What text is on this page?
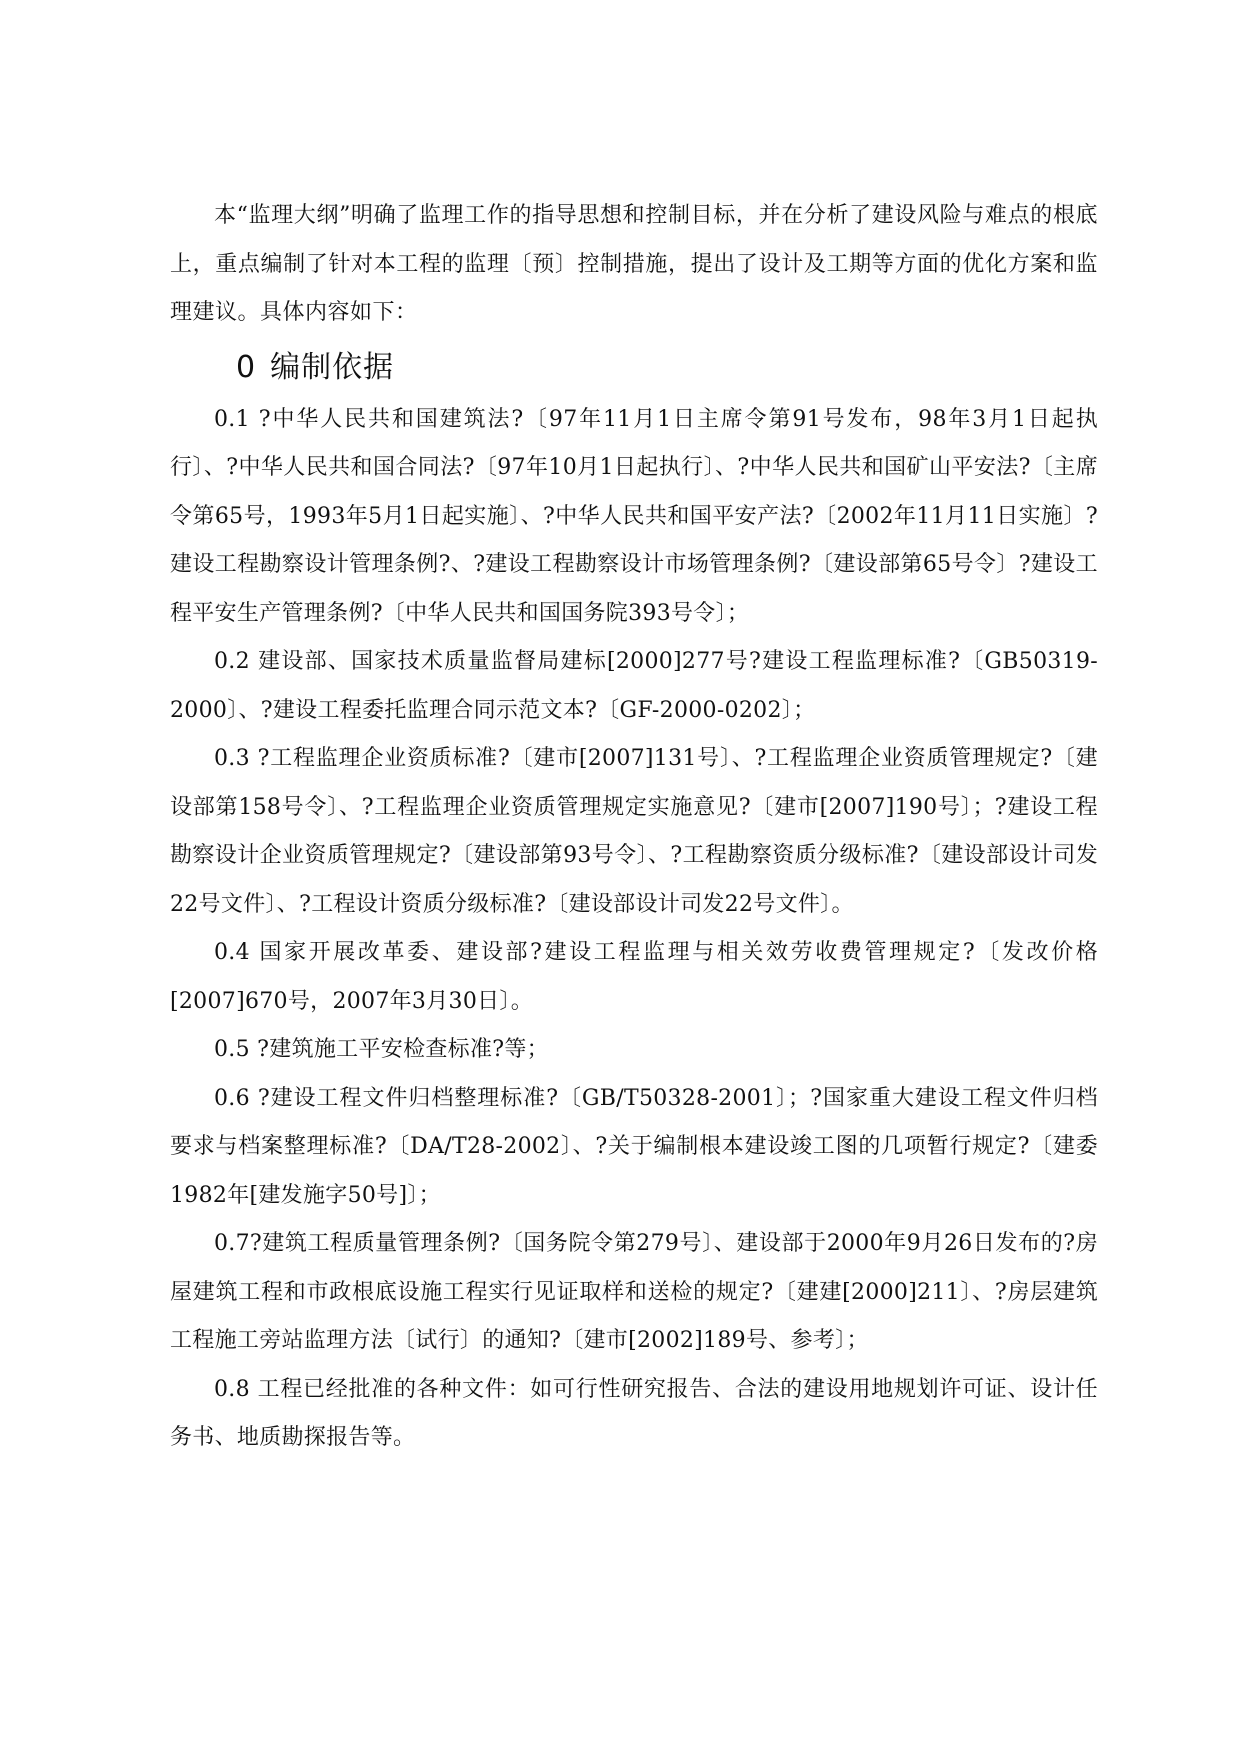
本“监理大纲”明确了监理工作的指导思想和控制目标，并在分析了建设风险与难点的根底上，重点编制了针对本工程的监理〔预〕控制措施，提出了设计及工期等方面的优化方案和监理建议。具体内容如下：

0 编制依据

0.1 ?中华人民共和国建筑法?〔97年11月1日主席令第91号发布，98年3月1日起执行〕、?中华人民共和国合同法?〔97年10月1日起执行〕、?中华人民共和国矿山平安法?〔主席令第65号，1993年5月1日起实施〕、?中华人民共和国平安产法?〔2002年11月11日实施〕?建设工程勘察设计管理条例?、?建设工程勘察设计市场管理条例?〔建设部第65号令〕?建设工程平安生产管理条例?〔中华人民共和国国务院393号令〕；

0.2 建设部、国家技术质量监督局建标[2000]277号?建设工程监理标准?〔GB50319-2000〕、?建设工程委托监理合同示范文本?〔GF-2000-0202〕；

0.3 ?工程监理企业资质标准?〔建市[2007]131号〕、?工程监理企业资质管理规定?〔建设部第158号令〕、?工程监理企业资质管理规定实施意见?〔建市[2007]190号〕；?建设工程勘察设计企业资质管理规定?〔建设部第93号令〕、?工程勘察资质分级标准?〔建设部设计司发22号文件〕、?工程设计资质分级标准?〔建设部设计司发22号文件〕。

0.4 国家开展改革委、建设部?建设工程监理与相关效劳收费管理规定?〔发改价格[2007]670号，2007年3月30日〕。

0.5 ?建筑施工平安检查标准?等；

0.6 ?建设工程文件归档整理标准?〔GB/T50328-2001〕；?国家重大建设工程文件归档要求与档案整理标准?〔DA/T28-2002〕、?关于编制根本建设竣工图的几项暂行规定?〔建委1982年[建发施字50号]〕；

0.7?建筑工程质量管理条例?〔国务院令第279号〕、建设部于2000年9月26日发布的?房屋建筑工程和市政根底设施工程实行见证取样和送检的规定?〔建建[2000]211〕、?房层建筑工程施工旁站监理方法〔试行〕的通知?〔建市[2002]189号、参考〕；

0.8 工程已经批准的各种文件：如可行性研究报告、合法的建设用地规划许可证、设计任务书、地质勘探报告等。
